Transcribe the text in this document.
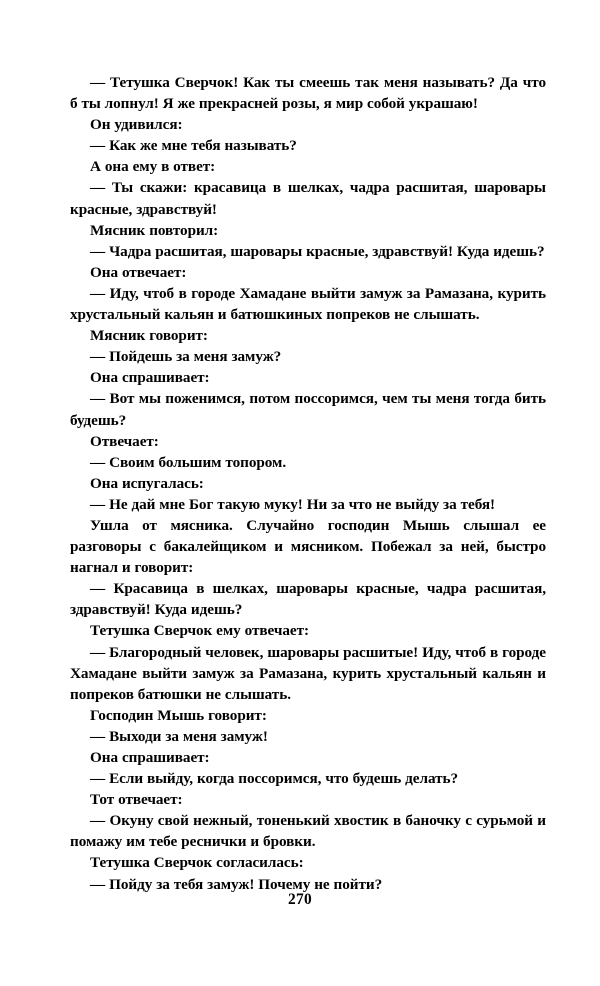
— Тетушка Сверчок! Как ты смеешь так меня называть? Да что б ты лопнул! Я же прекрасней розы, я мир собой украшаю!

Он удивился:

— Как же мне тебя называть?

А она ему в ответ:

— Ты скажи: красавица в шелках, чадра расшитая, шаровары красные, здравствуй!

Мясник повторил:

— Чадра расшитая, шаровары красные, здравствуй! Куда идешь?

Она отвечает:

— Иду, чтоб в городе Хамадане выйти замуж за Рамазана, курить хрустальный кальян и батюшкиных попреков не слышать.

Мясник говорит:

— Пойдешь за меня замуж?

Она спрашивает:

— Вот мы поженимся, потом поссоримся, чем ты меня тогда бить будешь?

Отвечает:

— Своим большим топором.

Она испугалась:

— Не дай мне Бог такую муку! Ни за что не выйду за тебя!

Ушла от мясника. Случайно господин Мышь слышал ее разговоры с бакалейщиком и мясником. Побежал за ней, быстро нагнал и говорит:

— Красавица в шелках, шаровары красные, чадра расшитая, здравствуй! Куда идешь?

Тетушка Сверчок ему отвечает:

— Благородный человек, шаровары расшитые! Иду, чтоб в городе Хамадане выйти замуж за Рамазана, курить хрустальный кальян и попреков батюшки не слышать.

Господин Мышь говорит:

— Выходи за меня замуж!

Она спрашивает:

— Если выйду, когда поссоримся, что будешь делать?

Тот отвечает:

— Окуну свой нежный, тоненький хвостик в баночку с сурьмой и помажу им тебе реснички и бровки.

Тетушка Сверчок согласилась:

— Пойду за тебя замуж! Почему не пойти?

270
